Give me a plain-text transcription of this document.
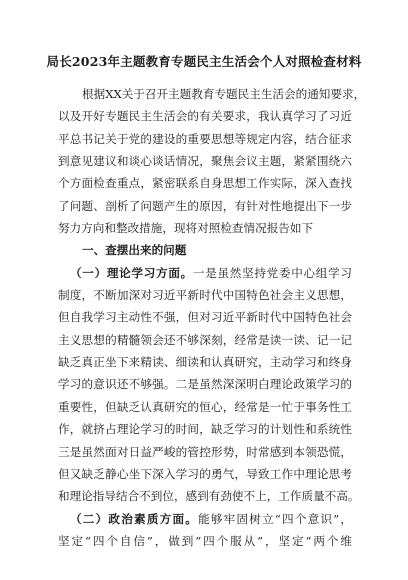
局长2023年主题教育专题民主生活会个人对照检查材料
根据XX关于召开主题教育专题民主生活会的通知要求，
以及开好专题民主生活会的有关要求，我认真学习了习近
平总书记关于党的建设的重要思想等规定内容，结合征求
到意见建议和谈心谈话情况，聚焦会议主题，紧紧围绕六
个方面检查重点，紧密联系自身思想工作实际，深入查找
了问题、剖析了问题产生的原因，有针对性地提出下一步
努力方向和整改措施，现将对照检查情况报告如下
一、查摆出来的问题
（一）理论学习方面。一是虽然坚持党委中心组学习
制度，不断加深对习近平新时代中国特色社会主义思想，
但自我学习主动性不强，但对习近平新时代中国特色社会
主义思想的精髓领会还不够深刻，经常是读一读、记一记
缺乏真正坐下来精读、细读和认真研究，主动学习和终身
学习的意识还不够强。二是虽然深深明白理论政策学习的
重要性，但缺乏认真研究的恒心，经常是一忙于事务性工
作，就挤占理论学习的时间，缺乏学习的计划性和系统性
三是虽然面对日益严峻的管控形势，时常感到本领恐慌，
但又缺乏静心坐下深入学习的勇气，导致工作中理论思考
和理论指导结合不到位，感到有劲使不上，工作质量不高。
（二）政治素质方面。能够牢固树立“四个意识”，
坚定“四个自信”，做到“四个服从”，坚定“两个维
